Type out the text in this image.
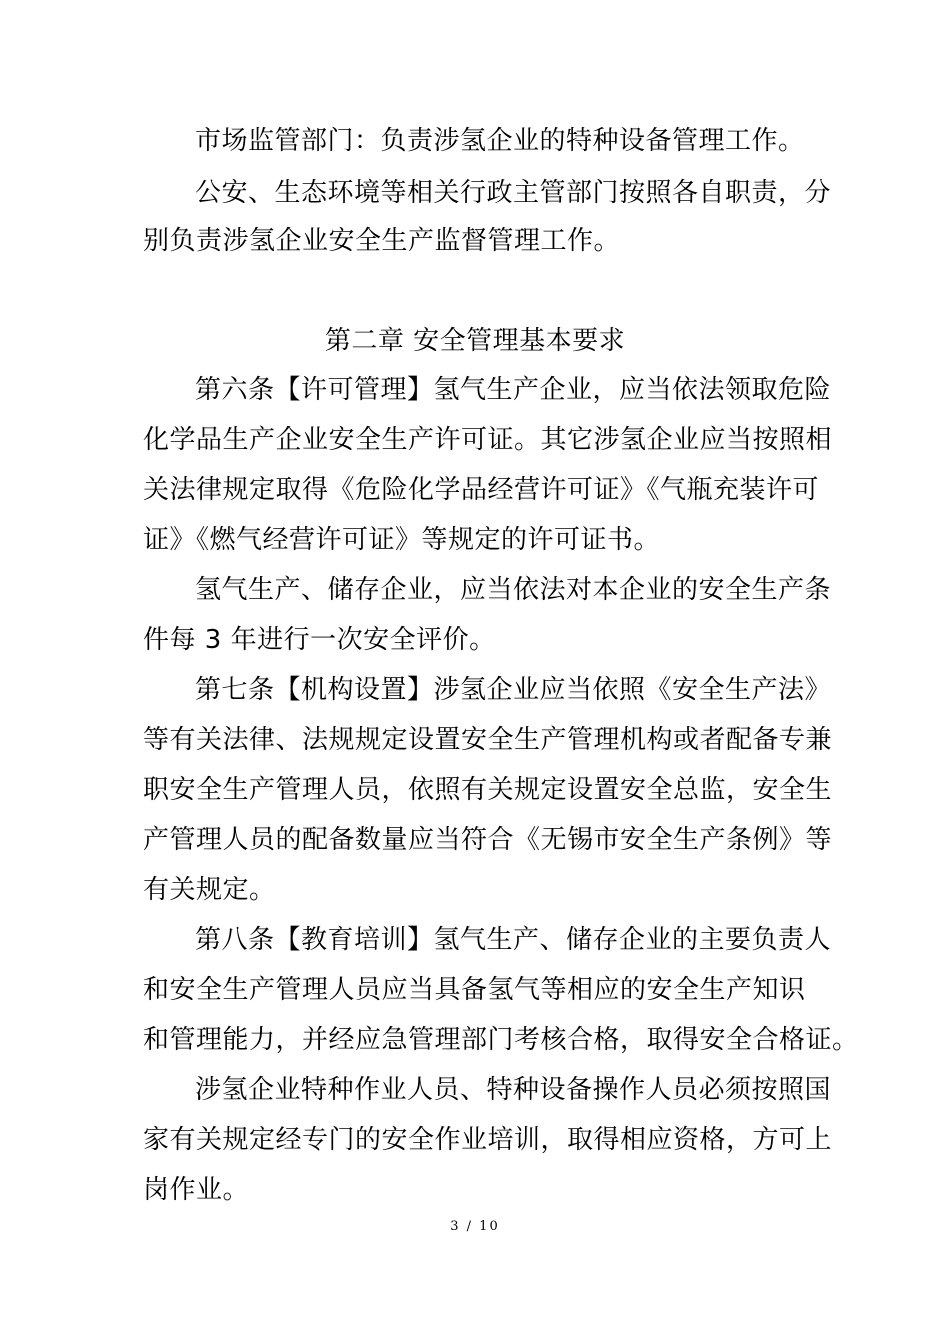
市场监管部门：负责涉氢企业的特种设备管理工作。
公安、生态环境等相关行政主管部门按照各自职责，分
别负责涉氢企业安全生产监督管理工作。
第二章 安全管理基本要求
第六条【许可管理】氢气生产企业，应当依法领取危险
化学品生产企业安全生产许可证。其它涉氢企业应当按照相
关法律规定取得《危险化学品经营许可证》《气瓶充装许可
证》《燃气经营许可证》等规定的许可证书。
氢气生产、储存企业，应当依法对本企业的安全生产条
件每 3 年进行一次安全评价。
第七条【机构设置】涉氢企业应当依照《安全生产法》
等有关法律、法规规定设置安全生产管理机构或者配备专兼
职安全生产管理人员，依照有关规定设置安全总监，安全生
产管理人员的配备数量应当符合《无锡市安全生产条例》等
有关规定。
第八条【教育培训】氢气生产、储存企业的主要负责人
和安全生产管理人员应当具备氢气等相应的安全生产知识
和管理能力，并经应急管理部门考核合格，取得安全合格证。
涉氢企业特种作业人员、特种设备操作人员必须按照国
家有关规定经专门的安全作业培训，取得相应资格，方可上
岗作业。
3 / 10
